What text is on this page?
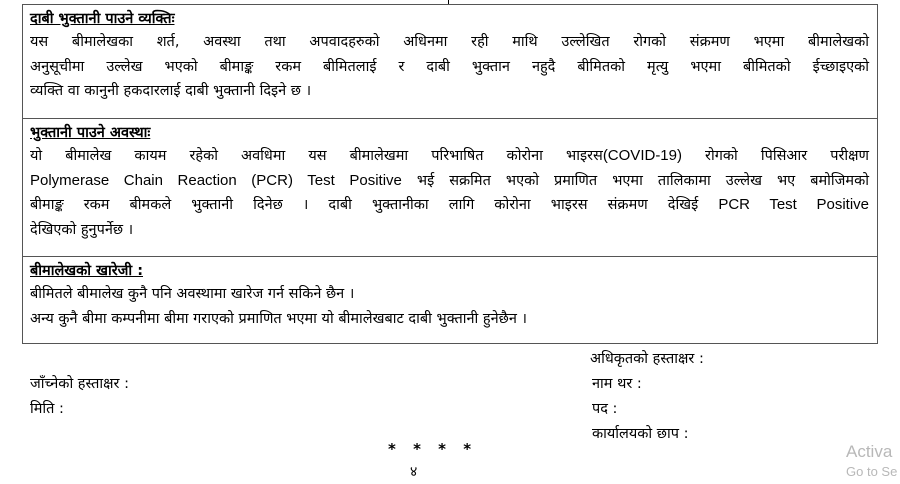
दाबी भुक्तानी पाउने व्यक्तिः
यस बीमालेखका शर्त, अवस्था तथा अपवादहरुको अधिनमा रही माथि उल्लेखित रोगको संक्रमण भएमा बीमालेखको
अनुसूचीमा उल्लेख भएको बीमाङ्क रकम बीमितलाई र दाबी भुक्तान नहुदै बीमितको मृत्यु भएमा बीमितको ईच्छाइएको
व्यक्ति वा कानुनी हकदारलाई दाबी भुक्तानी दिइने छ ।
भुक्तानी पाउने अवस्थाः
यो बीमालेख कायम रहेको अवधिमा यस बीमालेखमा परिभाषित कोरोना भाइरस(COVID-19) रोगको पिसिआर परीक्षण
Polymerase Chain Reaction (PCR) Test Positive भई सक्रमित भएको प्रमाणित भएमा तालिकामा उल्लेख भए बमोजिमको
बीमाङ्क रकम बीमकले भुक्तानी दिनेछ । दाबी भुक्तानीका लागि कोरोना भाइरस संक्रमण देखिई PCR Test Positive
देखिएको हुनुपर्नेछ ।
बीमालेखको खारेजी :
बीमितले बीमालेख कुनै पनि अवस्थामा खारेज गर्न सकिने छैन ।
अन्य कुनै बीमा कम्पनीमा बीमा गराएको प्रमाणित भएमा यो बीमालेखबाट दाबी भुक्तानी हुनेछैन ।
अधिकृतको हस्ताक्षर :
जाँच्नेको हस्ताक्षर :	नाम थर :
मिति :	पद :
कार्यालयको छाप :
* * * *
४
Activa
Go to Se
